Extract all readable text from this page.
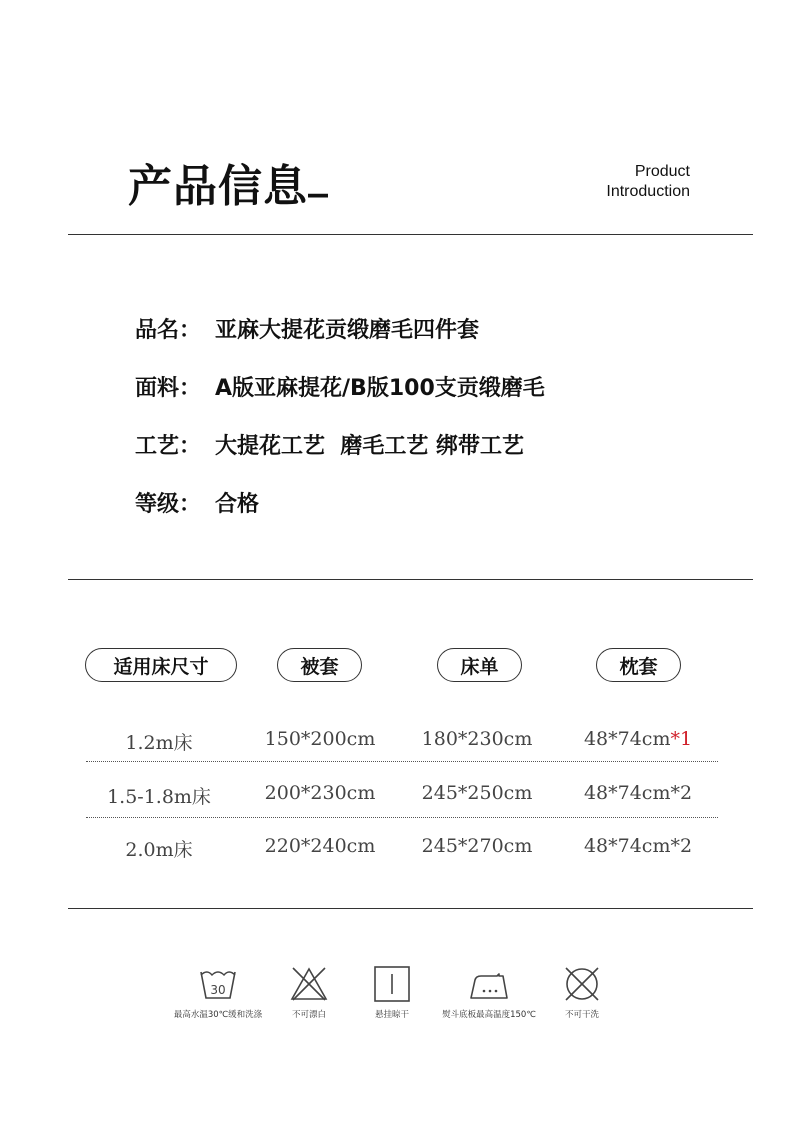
产品信息 _	Product
Introduction
品名： 亚麻大提花贡缎磨毛四件套
面料： A版亚麻提花/B版100支贡缎磨毛
工艺： 大提花工艺  磨毛工艺 绑带工艺
等级： 合格
适用床尺寸	被套	床单	枕套
1.2m床	150*200cm 180*230cm	48*74cm*1
1.5-1.8m床	200*230cm 245*250cm	48*74cm*2
2.0m床	220*240cm 245*270cm	48*74cm*2
30
最高水温30℃缓和洗涤	不可漂白	悬挂晾干	熨斗底板最高温度150℃	不可干洗
